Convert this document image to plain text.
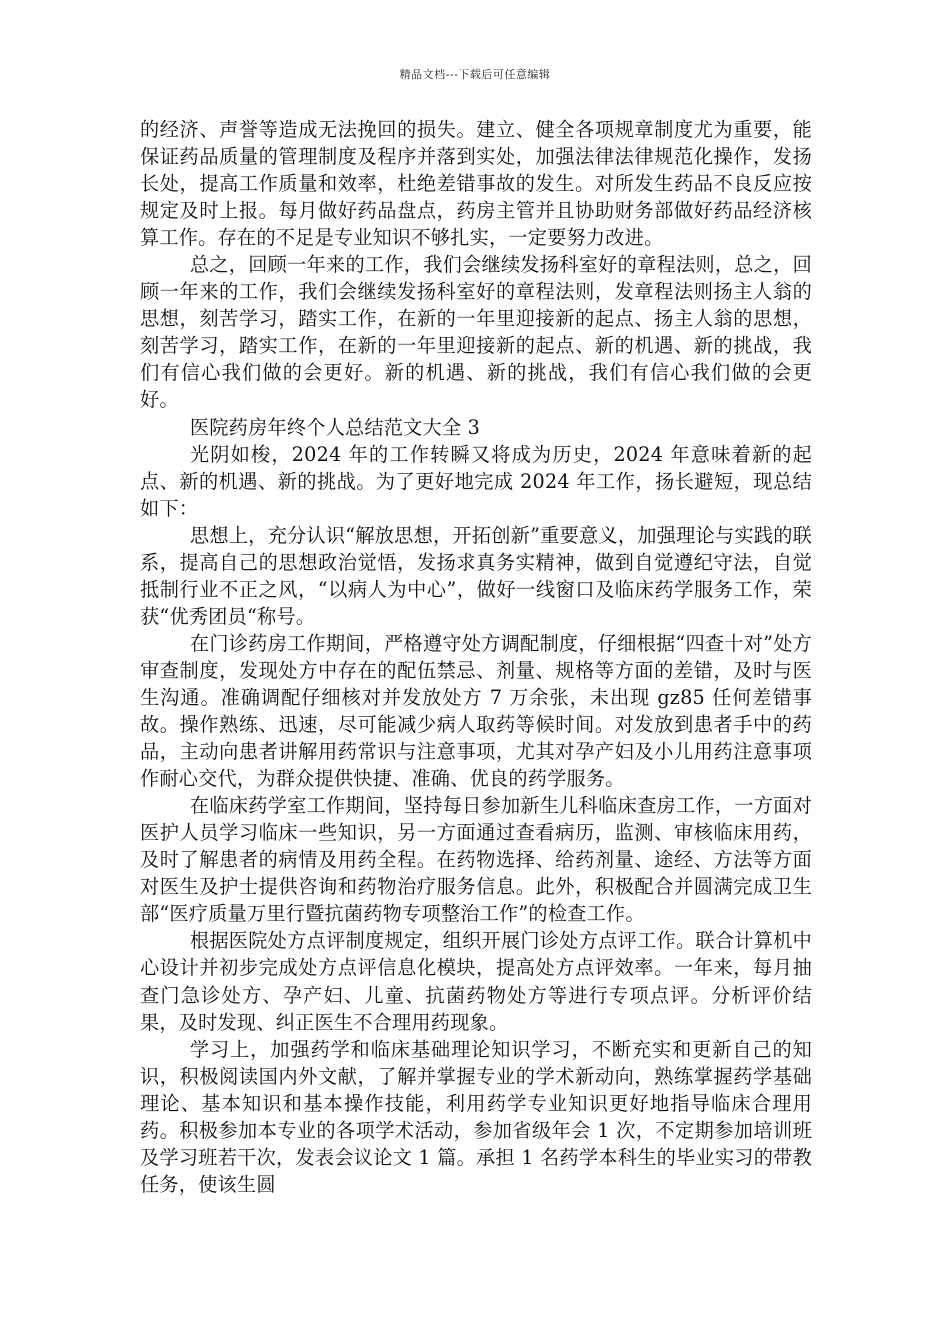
精品文档---下载后可任意编辑

的经济、声誉等造成无法挽回的损失。建立、健全各项规章制度尤为重要，能保证药品质量的管理制度及程序并落到实处，加强法律法律规范化操作，发扬长处，提高工作质量和效率，杜绝差错事故的发生。对所发生药品不良反应按规定及时上报。每月做好药品盘点，药房主管并且协助财务部做好药品经济核算工作。存在的不足是专业知识不够扎实，一定要努力改进。

总之，回顾一年来的工作，我们会继续发扬科室好的章程法则，总之，回顾一年来的工作，我们会继续发扬科室好的章程法则，发章程法则扬主人翁的思想，刻苦学习，踏实工作，在新的一年里迎接新的起点、扬主人翁的思想，刻苦学习，踏实工作，在新的一年里迎接新的起点、新的机遇、新的挑战，我们有信心我们做的会更好。新的机遇、新的挑战，我们有信心我们做的会更好。

医院药房年终个人总结范文大全 3

光阴如梭，2024 年的工作转瞬又将成为历史，2024 年意味着新的起点、新的机遇、新的挑战。为了更好地完成 2024 年工作，扬长避短，现总结如下：

思想上，充分认识“解放思想，开拓创新”重要意义，加强理论与实践的联系，提高自己的思想政治觉悟，发扬求真务实精神，做到自觉遵纪守法，自觉抵制行业不正之风，“以病人为中心”，做好一线窗口及临床药学服务工作，荣获“优秀团员“称号。

在门诊药房工作期间，严格遵守处方调配制度，仔细根据“四查十对”处方审查制度，发现处方中存在的配伍禁忌、剂量、规格等方面的差错，及时与医生沟通。准确调配仔细核对并发放处方 7 万余张，未出现 gz85 任何差错事故。操作熟练、迅速，尽可能减少病人取药等候时间。对发放到患者手中的药品，主动向患者讲解用药常识与注意事项，尤其对孕产妇及小儿用药注意事项作耐心交代，为群众提供快捷、准确、优良的药学服务。

在临床药学室工作期间，坚持每日参加新生儿科临床查房工作，一方面对医护人员学习临床一些知识，另一方面通过查看病历，监测、审核临床用药，及时了解患者的病情及用药全程。在药物选择、给药剂量、途经、方法等方面对医生及护士提供咨询和药物治疗服务信息。此外，积极配合并圆满完成卫生部“医疗质量万里行暨抗菌药物专项整治工作”的检查工作。

根据医院处方点评制度规定，组织开展门诊处方点评工作。联合计算机中心设计并初步完成处方点评信息化模块，提高处方点评效率。一年来，每月抽查门急诊处方、孕产妇、儿童、抗菌药物处方等进行专项点评。分析评价结果，及时发现、纠正医生不合理用药现象。

学习上，加强药学和临床基础理论知识学习，不断充实和更新自己的知识，积极阅读国内外文献，了解并掌握专业的学术新动向，熟练掌握药学基础理论、基本知识和基本操作技能，利用药学专业知识更好地指导临床合理用药。积极参加本专业的各项学术活动，参加省级年会 1 次，不定期参加培训班及学习班若干次，发表会议论文 1 篇。承担 1 名药学本科生的毕业实习的带教任务，使该生圆
